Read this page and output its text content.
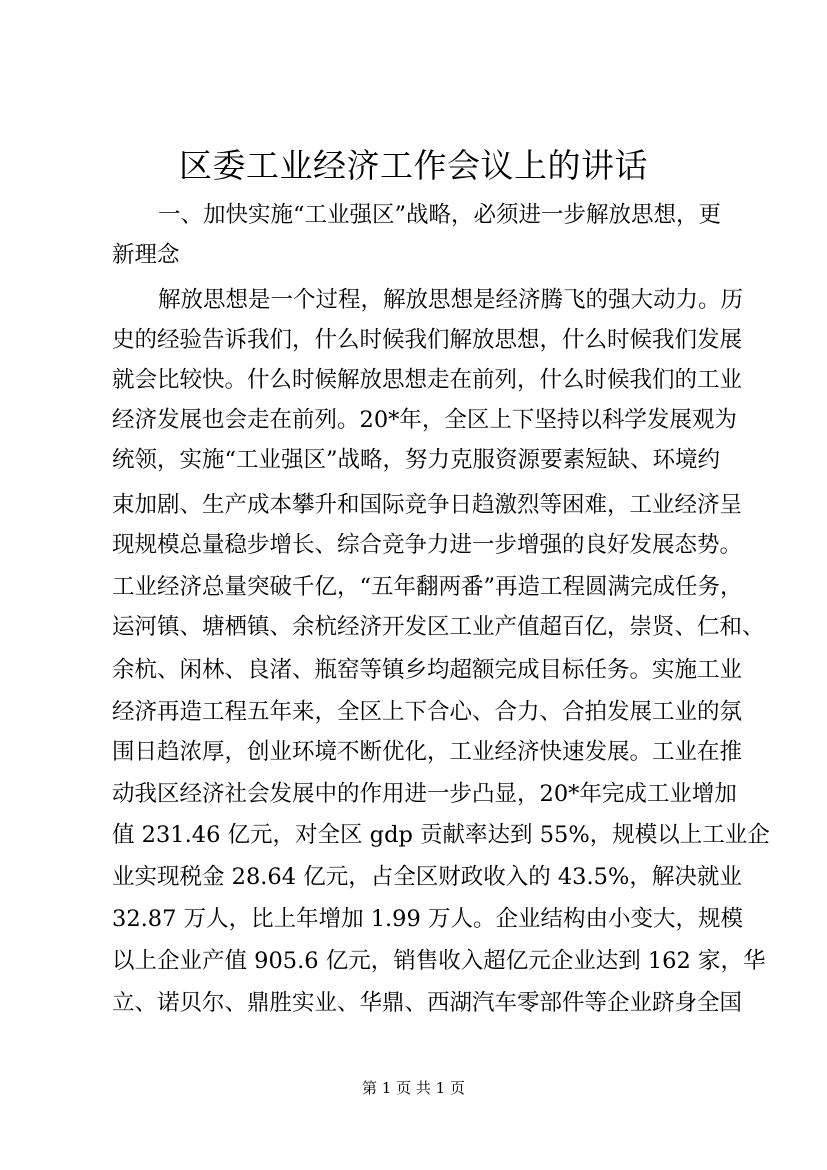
区委工业经济工作会议上的讲话
一、加快实施“工业强区”战略，必须进一步解放思想，更
新理念
解放思想是一个过程，解放思想是经济腾飞的强大动力。历
史的经验告诉我们，什么时候我们解放思想，什么时候我们发展
就会比较快。什么时候解放思想走在前列，什么时候我们的工业
经济发展也会走在前列。20*年，全区上下坚持以科学发展观为
统领，实施“工业强区”战略，努力克服资源要素短缺、环境约
束加剧、生产成本攀升和国际竞争日趋激烈等困难，工业经济呈
现规模总量稳步增长、综合竞争力进一步增强的良好发展态势。
工业经济总量突破千亿，“五年翻两番”再造工程圆满完成任务，
运河镇、塘栖镇、余杭经济开发区工业产值超百亿，崇贤、仁和、
余杭、闲林、良渚、瓶窑等镇乡均超额完成目标任务。实施工业
经济再造工程五年来，全区上下合心、合力、合拍发展工业的氛
围日趋浓厚，创业环境不断优化，工业经济快速发展。工业在推
动我区经济社会发展中的作用进一步凸显，20*年完成工业增加
值 231.46 亿元，对全区 gdp 贡献率达到 55%，规模以上工业企
业实现税金 28.64 亿元，占全区财政收入的 43.5%，解决就业
32.87 万人，比上年增加 1.99 万人。企业结构由小变大，规模
以上企业产值 905.6 亿元，销售收入超亿元企业达到 162 家，华
立、诺贝尔、鼎胜实业、华鼎、西湖汽车零部件等企业跻身全国
第 1 页 共 1 页
